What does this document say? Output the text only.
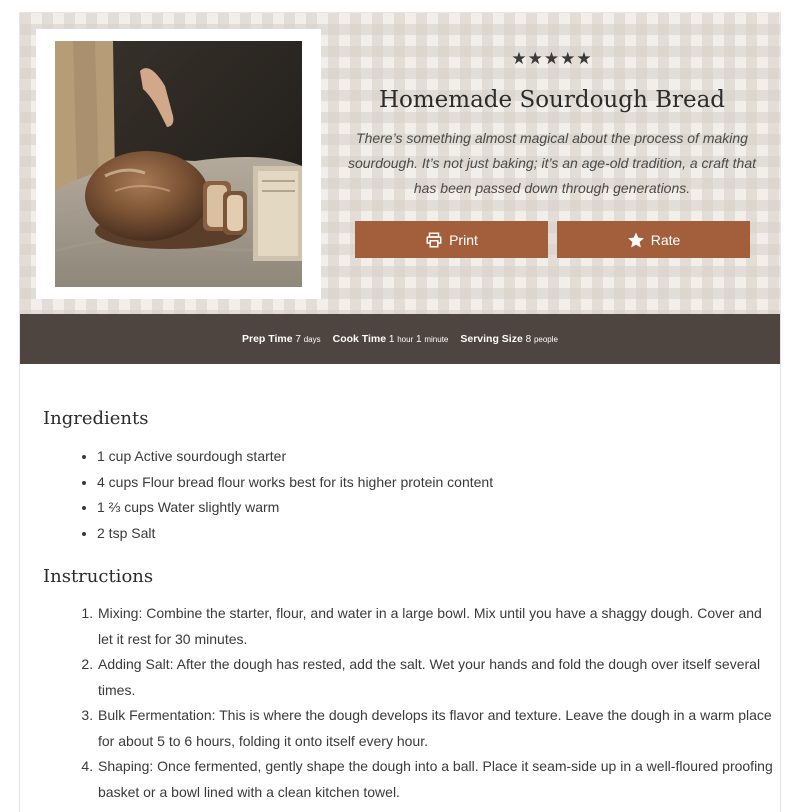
★★★★★
Homemade Sourdough Bread

There’s something almost magical about the process of making sourdough. It’s not just baking; it’s an age-old tradition, a craft that has been passed down through generations.

Print	Rate
Prep Time 7 days Cook Time 1 hour 1 minute Serving Size 8 people
Ingredients
• 1 cup Active sourdough starter
• 4 cups Flour bread flour works best for its higher protein content
• 1 ⅔ cups Water slightly warm
• 2 tsp Salt
Instructions
1. Mixing: Combine the starter, flour, and water in a large bowl. Mix until you have a shaggy dough. Cover and let it rest for 30 minutes.
2. Adding Salt: After the dough has rested, add the salt. Wet your hands and fold the dough over itself several times.
3. Bulk Fermentation: This is where the dough develops its flavor and texture. Leave the dough in a warm place for about 5 to 6 hours, folding it onto itself every hour.
4. Shaping: Once fermented, gently shape the dough into a ball. Place it seam-side up in a well-floured proofing basket or a bowl lined with a clean kitchen towel.
